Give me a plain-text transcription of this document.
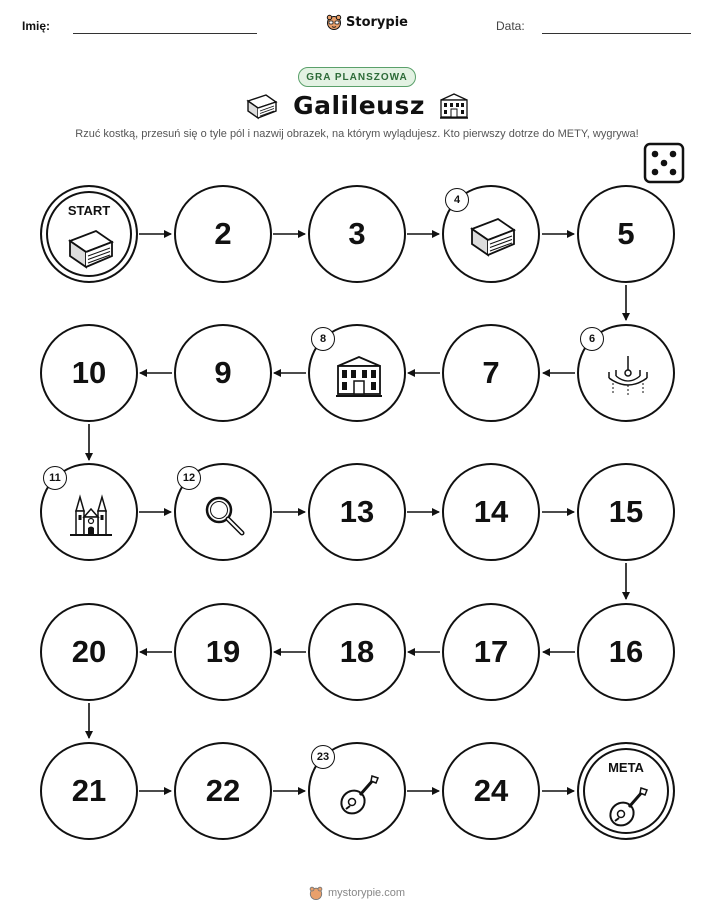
Imię:	Storypie	Data:
GRA PLANSZOWA
Galileusz
Rzuć kostką, przesuń się o tyle pól i nazwij obrazek, na którym wylądujesz. Kto pierwszy dotrze do METY, wygrywa!
START
2	3
4
5
10	9
8
7
6
11	12
13	14	15
20	19	18	17	16
21	22
23
24
META
mystorypie.com
